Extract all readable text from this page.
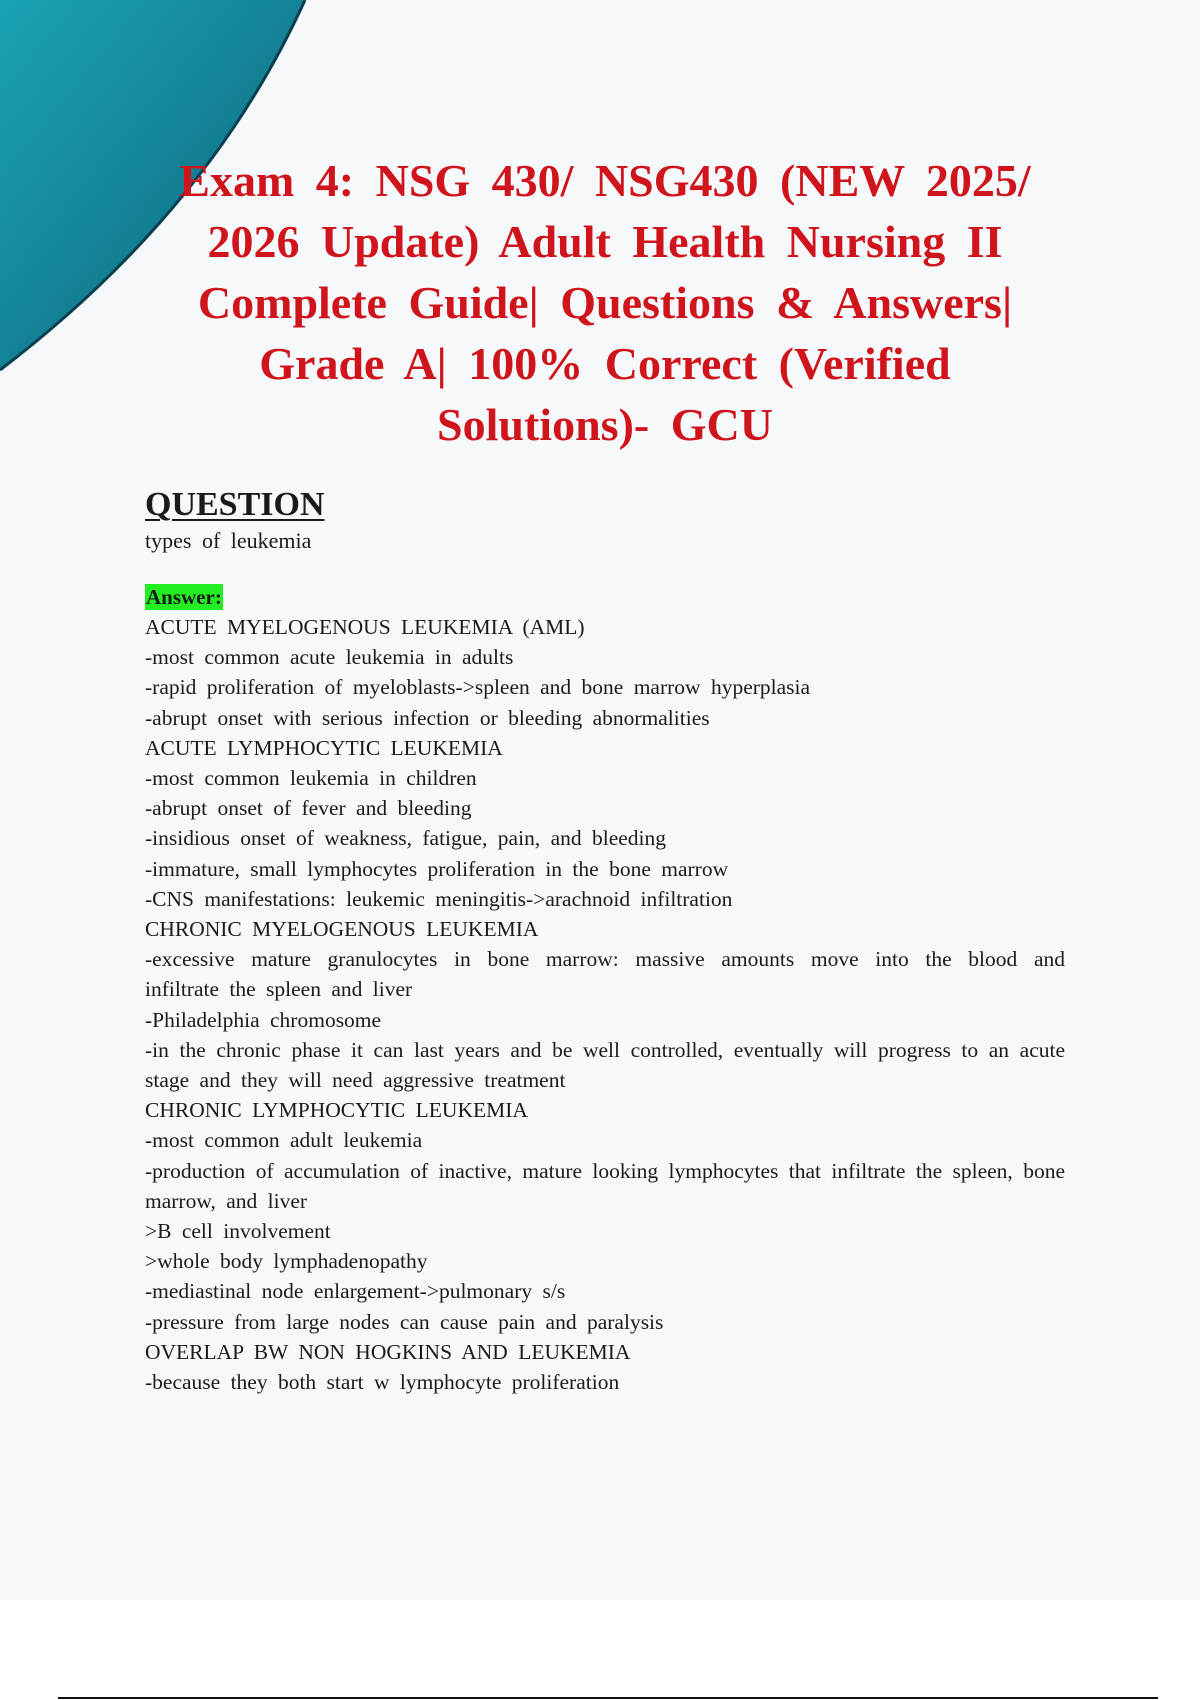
Exam 4: NSG 430/ NSG430 (NEW 2025/ 2026 Update) Adult Health Nursing II Complete Guide| Questions & Answers| Grade A| 100% Correct (Verified Solutions)- GCU
QUESTION
types of leukemia
Answer:
ACUTE MYELOGENOUS LEUKEMIA (AML)
-most common acute leukemia in adults
-rapid proliferation of myeloblasts->spleen and bone marrow hyperplasia
-abrupt onset with serious infection or bleeding abnormalities
ACUTE LYMPHOCYTIC LEUKEMIA
-most common leukemia in children
-abrupt onset of fever and bleeding
-insidious onset of weakness, fatigue, pain, and bleeding
-immature, small lymphocytes proliferation in the bone marrow
-CNS manifestations: leukemic meningitis->arachnoid infiltration
CHRONIC MYELOGENOUS LEUKEMIA
-excessive mature granulocytes in bone marrow: massive amounts move into the blood and infiltrate the spleen and liver
-Philadelphia chromosome
-in the chronic phase it can last years and be well controlled, eventually will progress to an acute stage and they will need aggressive treatment
CHRONIC LYMPHOCYTIC LEUKEMIA
-most common adult leukemia
-production of accumulation of inactive, mature looking lymphocytes that infiltrate the spleen, bone marrow, and liver
>B cell involvement
>whole body lymphadenopathy
-mediastinal node enlargement->pulmonary s/s
-pressure from large nodes can cause pain and paralysis
OVERLAP BW NON HOGKINS AND LEUKEMIA
-because they both start w lymphocyte proliferation
